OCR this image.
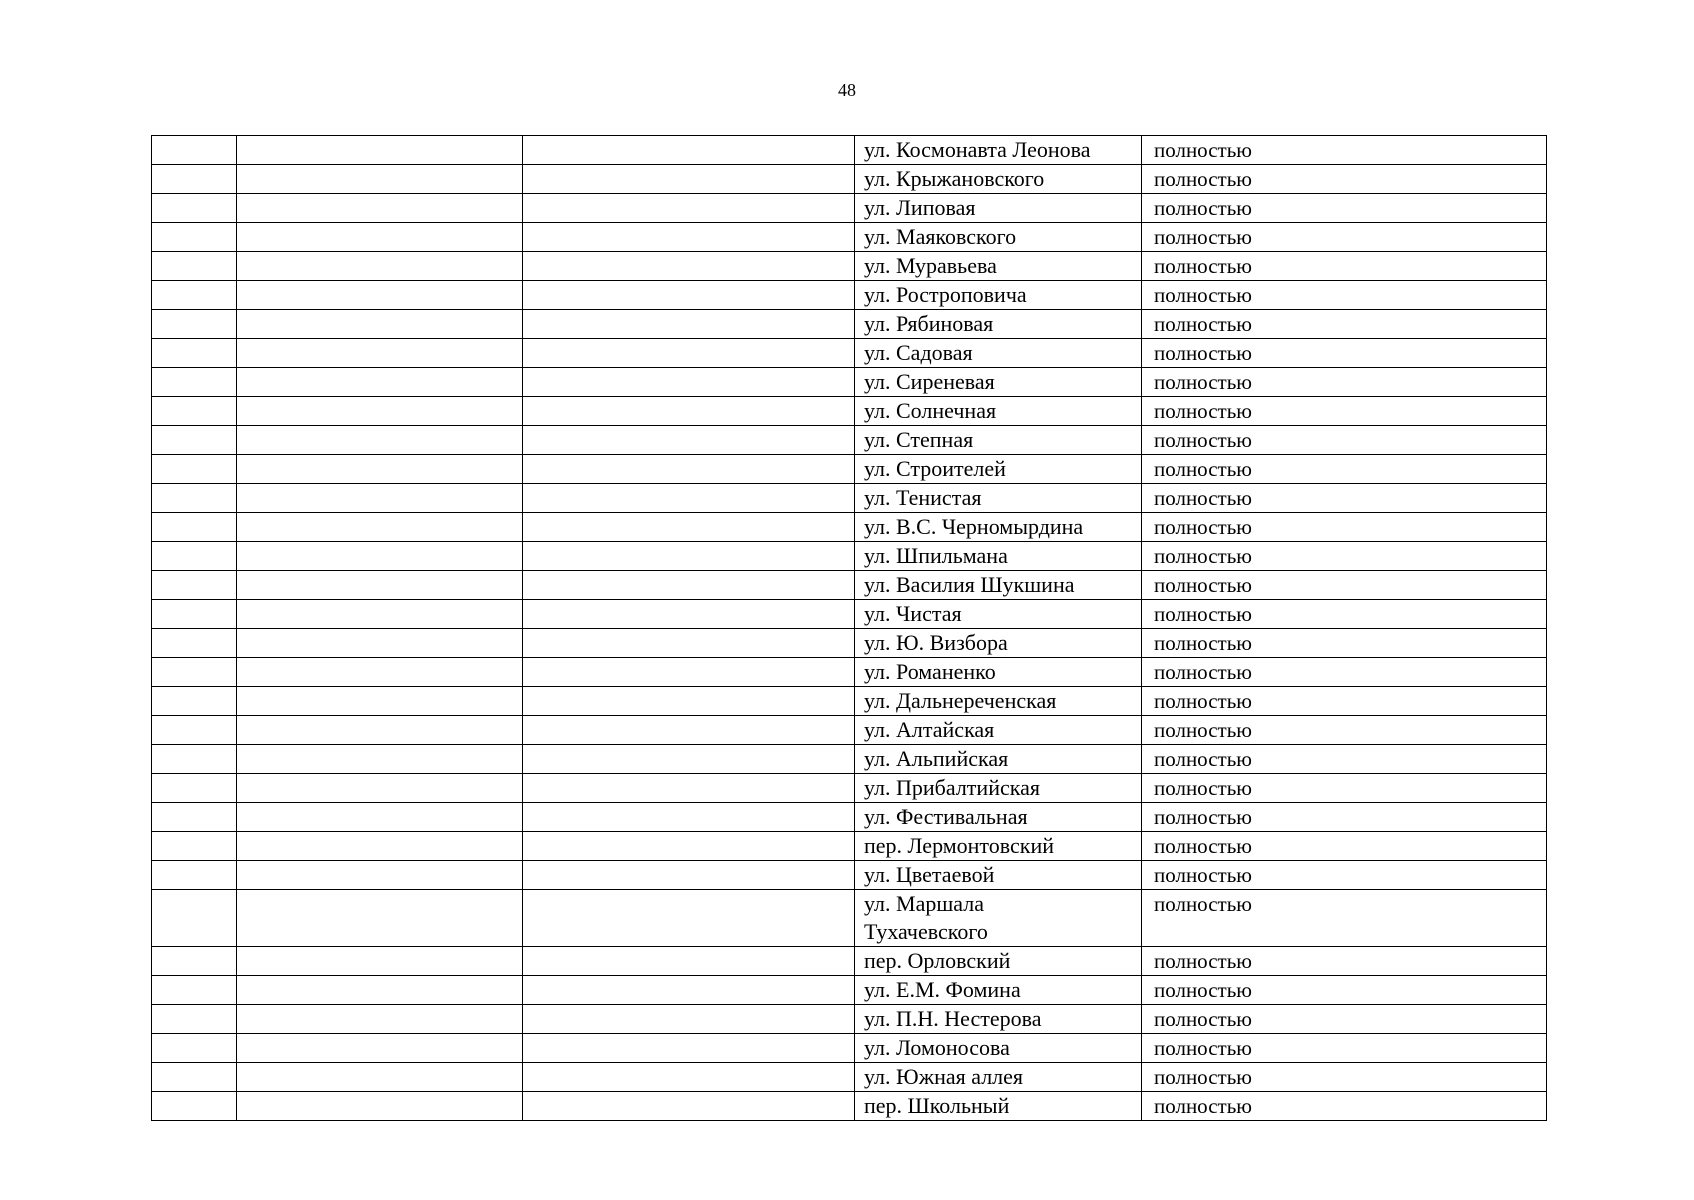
48
			ул. Космонавта Леонова	полностью
			ул. Крыжановского	полностью
			ул. Липовая	полностью
			ул. Маяковского	полностью
			ул. Муравьева	полностью
			ул. Ростроповича	полностью
			ул. Рябиновая	полностью
			ул. Садовая	полностью
			ул. Сиреневая	полностью
			ул. Солнечная	полностью
			ул. Степная	полностью
			ул. Строителей	полностью
			ул. Тенистая	полностью
			ул. В.С. Черномырдина	полностью
			ул. Шпильмана	полностью
			ул. Василия Шукшина	полностью
			ул. Чистая	полностью
			ул. Ю. Визбора	полностью
			ул. Романенко	полностью
			ул. Дальнереченская	полностью
			ул. Алтайская	полностью
			ул. Альпийская	полностью
			ул. Прибалтийская	полностью
			ул. Фестивальная	полностью
			пер. Лермонтовский	полностью
			ул. Цветаевой	полностью
			ул. Маршала Тухачевского	полностью
			пер. Орловский	полностью
			ул. Е.М. Фомина	полностью
			ул. П.Н. Нестерова	полностью
			ул. Ломоносова	полностью
			ул. Южная аллея	полностью
			пер. Школьный	полностью
